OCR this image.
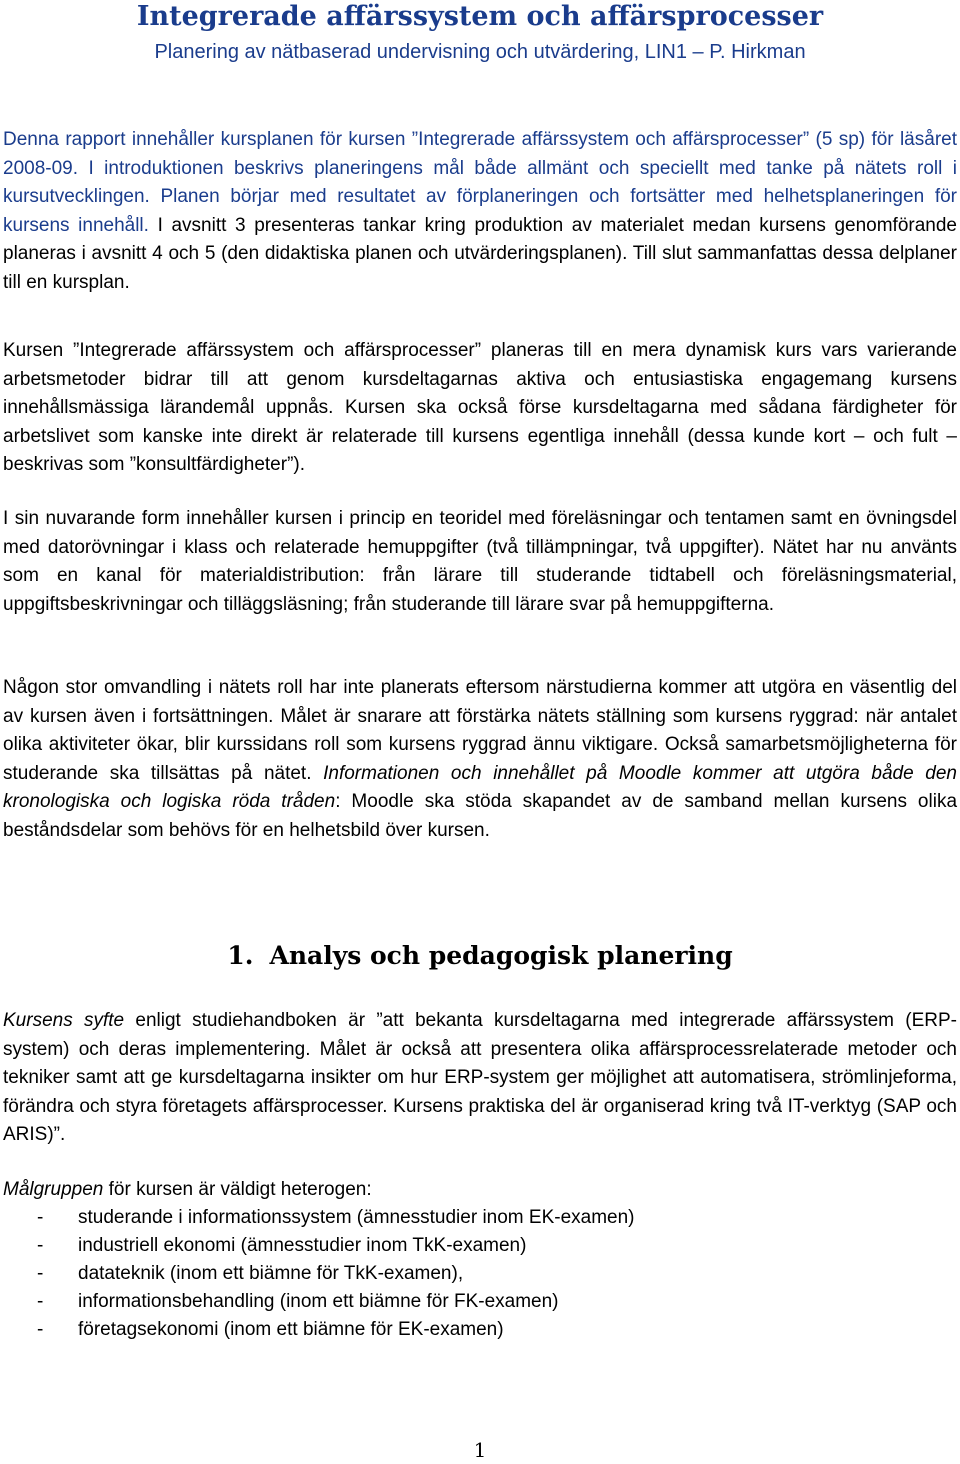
Integrerade affärssystem och affärsprocesser
Planering av nätbaserad undervisning och utvärdering, LIN1 – P. Hirkman

Denna rapport innehåller kursplanen för kursen ”Integrerade affärssystem och affärsprocesser” (5 sp) för läsåret 2008-09. I introduktionen beskrivs planeringens mål både allmänt och speciellt med tanke på nätets roll i kursutvecklingen. Planen börjar med resultatet av förplaneringen och fortsätter med helhetsplaneringen för kursens innehåll. I avsnitt 3 presenteras tankar kring produktion av materialet medan kursens genomförande planeras i avsnitt 4 och 5 (den didaktiska planen och utvärderingsplanen). Till slut sammanfattas dessa delplaner till en kursplan.

Kursen ”Integrerade affärssystem och affärsprocesser” planeras till en mera dynamisk kurs vars varierande arbetsmetoder bidrar till att genom kursdeltagarnas aktiva och entusiastiska engagemang kursens innehållsmässiga lärandemål uppnås. Kursen ska också förse kursdeltagarna med sådana färdigheter för arbetslivet som kanske inte direkt är relaterade till kursens egentliga innehåll (dessa kunde kort – och fult – beskrivas som ”konsultfärdigheter”).

I sin nuvarande form innehåller kursen i princip en teoridel med föreläsningar och tentamen samt en övningsdel med datorövningar i klass och relaterade hemuppgifter (två tillämpningar, två uppgifter). Nätet har nu använts som en kanal för materialdistribution: från lärare till studerande tidtabell och föreläsningsmaterial, uppgiftsbeskrivningar och tilläggsläsning; från studerande till lärare svar på hemuppgifterna.

Någon stor omvandling i nätets roll har inte planerats eftersom närstudierna kommer att utgöra en väsentlig del av kursen även i fortsättningen. Målet är snarare att förstärka nätets ställning som kursens ryggrad: när antalet olika aktiviteter ökar, blir kurssidans roll som kursens ryggrad ännu viktigare. Också samarbetsmöjligheterna för studerande ska tillsättas på nätet. Informationen och innehållet på Moodle kommer att utgöra både den kronologiska och logiska röda tråden: Moodle ska stöda skapandet av de samband mellan kursens olika beståndsdelar som behövs för en helhetsbild över kursen.

1. Analys och pedagogisk planering

Kursens syfte enligt studiehandboken är ”att bekanta kursdeltagarna med integrerade affärssystem (ERP-system) och deras implementering. Målet är också att presentera olika affärsprocessrelaterade metoder och tekniker samt att ge kursdeltagarna insikter om hur ERP-system ger möjlighet att automatisera, strömlinjeforma, förändra och styra företagets affärsprocesser. Kursens praktiska del är organiserad kring två IT-verktyg (SAP och ARIS)”.

Målgruppen för kursen är väldigt heterogen:

- studerande i informationssystem (ämnesstudier inom EK-examen)
- industriell ekonomi (ämnesstudier inom TkK-examen)
- datateknik (inom ett biämne för TkK-examen),
- informationsbehandling (inom ett biämne för FK-examen)
- företagsekonomi (inom ett biämne för EK-examen)
1
